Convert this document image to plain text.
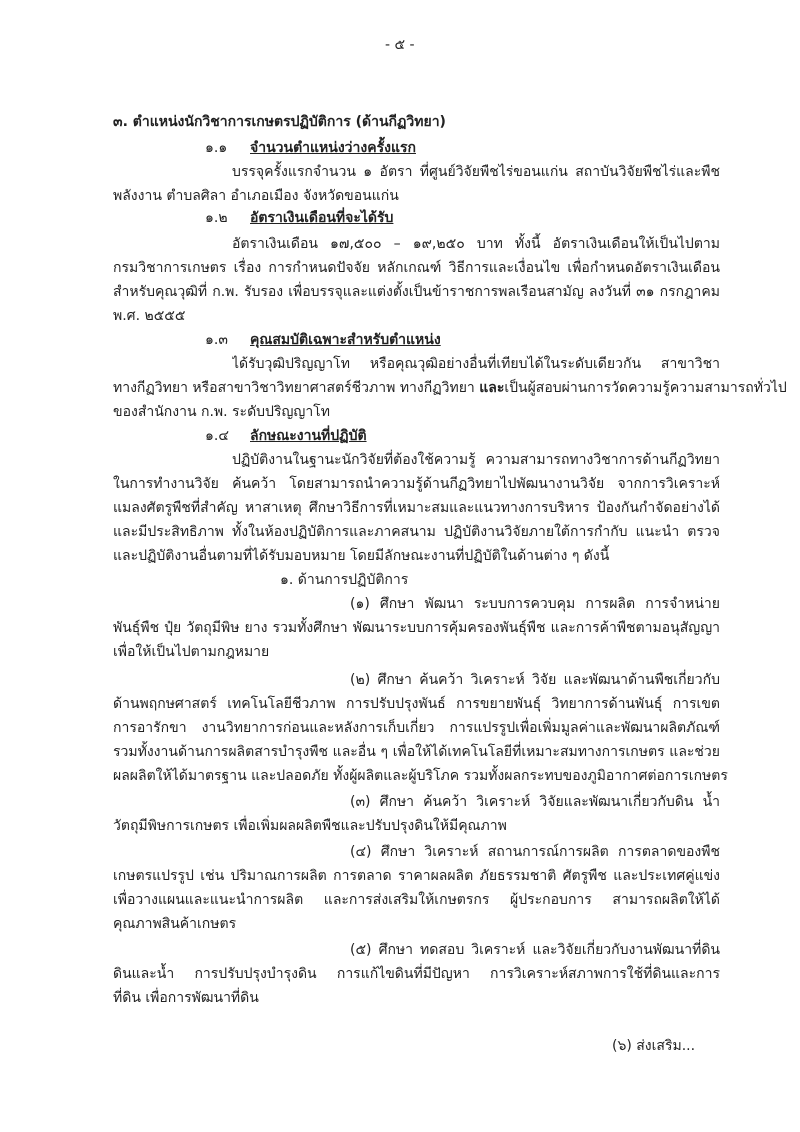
- ๕ -
๓. ตำแหน่งนักวิชาการเกษตรปฏิบัติการ (ด้านกีฏวิทยา)
๑.๑ จำนวนตำแหน่งว่างครั้งแรก
บรรจุครั้งแรกจำนวน ๑ อัตรา ที่ศูนย์วิจัยพืชไร่ขอนแก่น สถาบันวิจัยพืชไร่และพืช
พลังงาน ตำบลศิลา อำเภอเมือง จังหวัดขอนแก่น
๑.๒ อัตราเงินเดือนที่จะได้รับ
อัตราเงินเดือน ๑๗,๕๐๐ – ๑๙,๒๕๐ บาท ทั้งนี้ อัตราเงินเดือนให้เป็นไปตาม
กรมวิชาการเกษตร เรื่อง การกำหนดปัจจัย หลักเกณฑ์ วิธีการและเงื่อนไข เพื่อกำหนดอัตราเงินเดือน
สำหรับคุณวุฒิที่ ก.พ. รับรอง เพื่อบรรจุและแต่งตั้งเป็นข้าราชการพลเรือนสามัญ ลงวันที่ ๓๑ กรกฎาคม
พ.ศ. ๒๕๕๕
๑.๓ คุณสมบัติเฉพาะสำหรับตำแหน่ง
ได้รับวุฒิปริญญาโท หรือคุณวุฒิอย่างอื่นที่เทียบได้ในระดับเดียวกัน สาขาวิชา
ทางกีฏวิทยา หรือสาขาวิชาวิทยาศาสตร์ชีวภาพ ทางกีฏวิทยา และเป็นผู้สอบผ่านการวัดความรู้ความสามารถทั่วไป
ของสำนักงาน ก.พ. ระดับปริญญาโท
๑.๔ ลักษณะงานที่ปฏิบัติ
ปฏิบัติงานในฐานะนักวิจัยที่ต้องใช้ความรู้ ความสามารถทางวิชาการด้านกีฏวิทยา
ในการทำงานวิจัย ค้นคว้า โดยสามารถนำความรู้ด้านกีฏวิทยาไปพัฒนางานวิจัย จากการวิเคราะห์
แมลงศัตรูพืชที่สำคัญ หาสาเหตุ ศึกษาวิธีการที่เหมาะสมและแนวทางการบริหาร ป้องกันกำจัดอย่างได้
และมีประสิทธิภาพ ทั้งในห้องปฏิบัติการและภาคสนาม ปฏิบัติงานวิจัยภายใต้การกำกับ แนะนำ ตรวจ
และปฏิบัติงานอื่นตามที่ได้รับมอบหมาย โดยมีลักษณะงานที่ปฏิบัติในด้านต่าง ๆ ดังนี้
๑. ด้านการปฏิบัติการ
(๑) ศึกษา พัฒนา ระบบการควบคุม การผลิต การจำหน่าย
พันธุ์พืช ปุ๋ย วัตถุมีพิษ ยาง รวมทั้งศึกษา พัฒนาระบบการคุ้มครองพันธุ์พืช และการค้าพืชตามอนุสัญญา
เพื่อให้เป็นไปตามกฎหมาย
(๒) ศึกษา ค้นคว้า วิเคราะห์ วิจัย และพัฒนาด้านพืชเกี่ยวกับ
ด้านพฤกษศาสตร์ เทคโนโลยีชีวภาพ การปรับปรุงพันธ์ การขยายพันธุ์ วิทยาการด้านพันธุ์ การเขต
การอารักขา งานวิทยาการก่อนและหลังการเก็บเกี่ยว การแปรรูปเพื่อเพิ่มมูลค่าและพัฒนาผลิตภัณฑ์
รวมทั้งงานด้านการผลิตสารบำรุงพืช และอื่น ๆ เพื่อให้ได้เทคโนโลยีที่เหมาะสมทางการเกษตร และช่วย
ผลผลิตให้ได้มาตรฐาน และปลอดภัย ทั้งผู้ผลิตและผู้บริโภค รวมทั้งผลกระทบของภูมิอากาศต่อการเกษตร
(๓) ศึกษา ค้นคว้า วิเคราะห์ วิจัยและพัฒนาเกี่ยวกับดิน น้ำ
วัตถุมีพิษการเกษตร เพื่อเพิ่มผลผลิตพืชและปรับปรุงดินให้มีคุณภาพ
(๔) ศึกษา วิเคราะห์ สถานการณ์การผลิต การตลาดของพืช
เกษตรแปรรูป เช่น ปริมาณการผลิต การตลาด ราคาผลผลิต ภัยธรรมชาติ ศัตรูพืช และประเทศคู่แข่ง
เพื่อวางแผนและแนะนำการผลิต และการส่งเสริมให้เกษตรกร ผู้ประกอบการ สามารถผลิตให้ได้
คุณภาพสินค้าเกษตร
(๕) ศึกษา ทดสอบ วิเคราะห์ และวิจัยเกี่ยวกับงานพัฒนาที่ดิน
ดินและน้ำ การปรับปรุงบำรุงดิน การแก้ไขดินที่มีปัญหา การวิเคราะห์สภาพการใช้ที่ดินและการ
ที่ดิน เพื่อการพัฒนาที่ดิน
(๖) ส่งเสริม...
